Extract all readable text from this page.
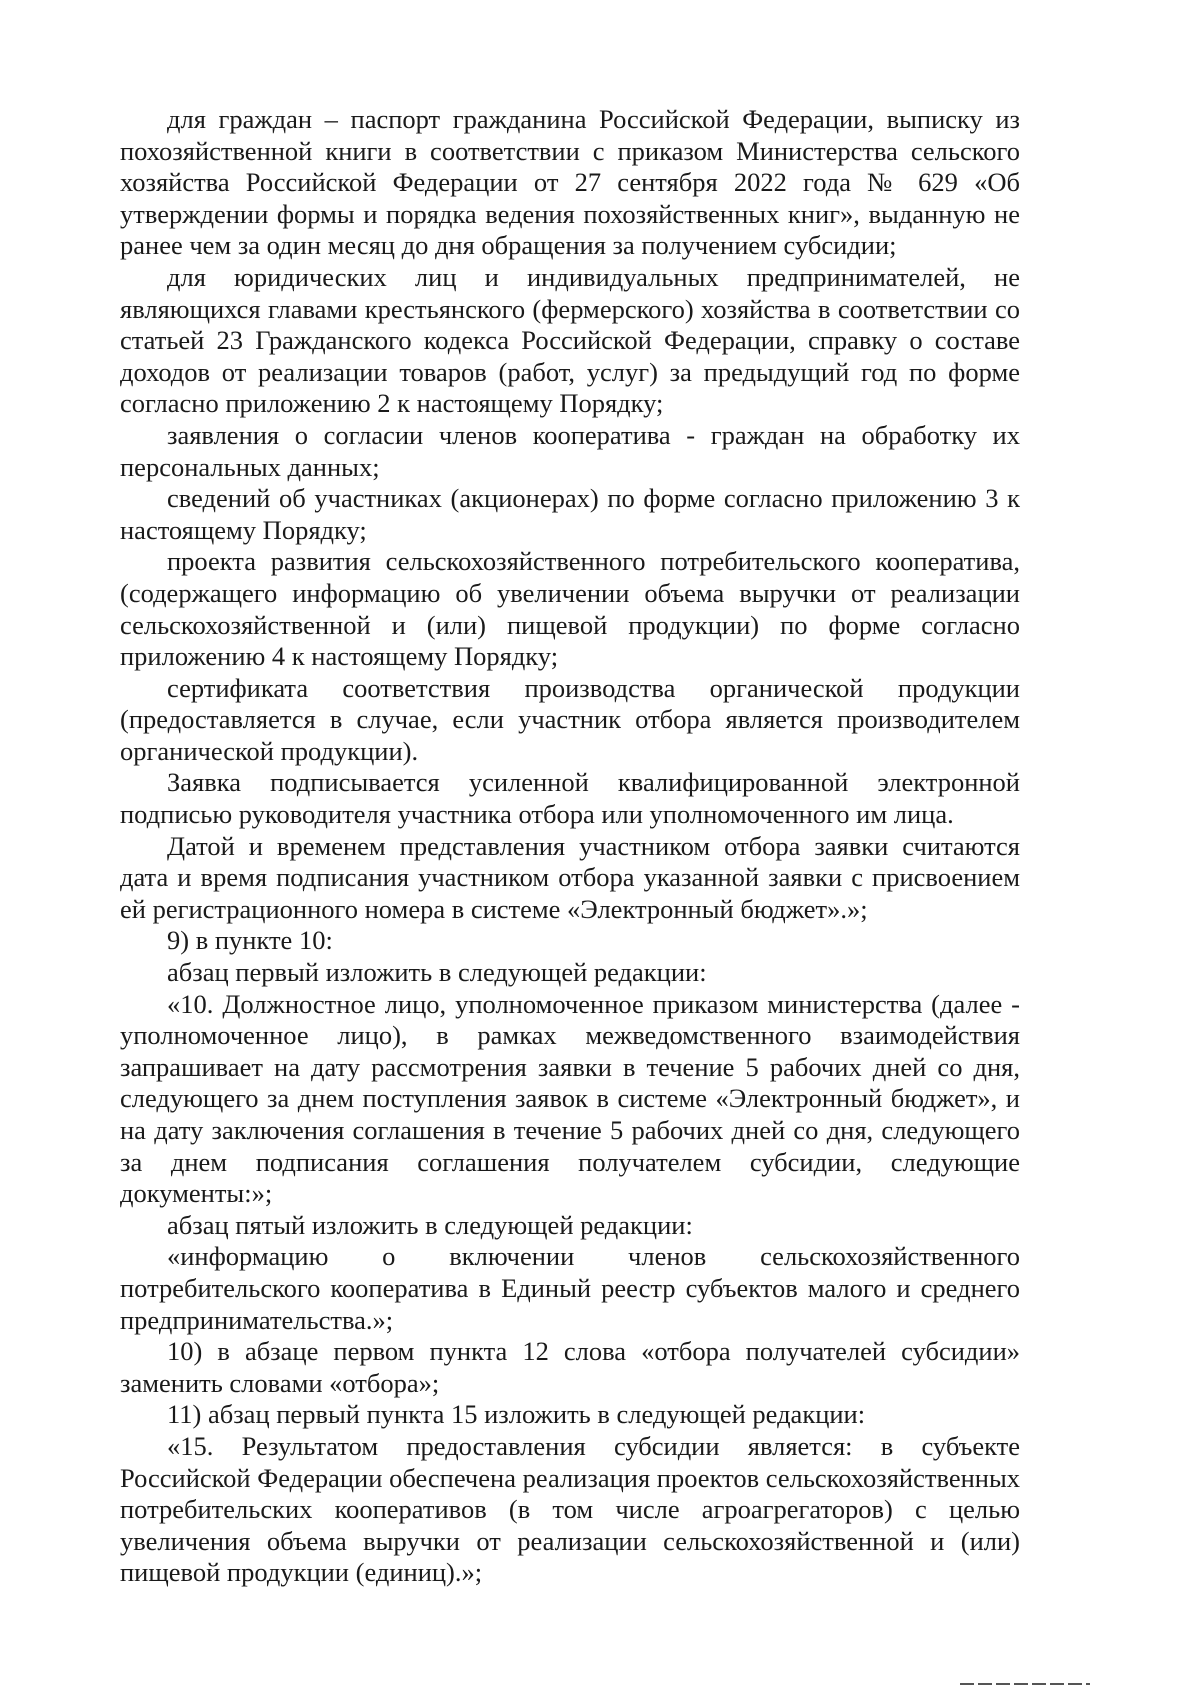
для граждан – паспорт гражданина Российской Федерации, выписку из похозяйственной книги в соответствии с приказом Министерства сельского хозяйства Российской Федерации от 27 сентября 2022 года № 629 «Об утверждении формы и порядка ведения похозяйственных книг», выданную не ранее чем за один месяц до дня обращения за получением субсидии;

для юридических лиц и индивидуальных предпринимателей, не являющихся главами крестьянского (фермерского) хозяйства в соответствии со статьей 23 Гражданского кодекса Российской Федерации, справку о составе доходов от реализации товаров (работ, услуг) за предыдущий год по форме согласно приложению 2 к настоящему Порядку;

заявления о согласии членов кооператива - граждан на обработку их персональных данных;

сведений об участниках (акционерах) по форме согласно приложению 3 к настоящему Порядку;

проекта развития сельскохозяйственного потребительского кооператива, (содержащего информацию об увеличении объема выручки от реализации сельскохозяйственной и (или) пищевой продукции) по форме согласно приложению 4 к настоящему Порядку;

сертификата соответствия производства органической продукции (предоставляется в случае, если участник отбора является производителем органической продукции).

Заявка подписывается усиленной квалифицированной электронной подписью руководителя участника отбора или уполномоченного им лица.

Датой и временем представления участником отбора заявки считаются дата и время подписания участником отбора указанной заявки с присвоением ей регистрационного номера в системе «Электронный бюджет».»;

9) в пункте 10:

абзац первый изложить в следующей редакции:

«10. Должностное лицо, уполномоченное приказом министерства (далее - уполномоченное лицо), в рамках межведомственного взаимодействия запрашивает на дату рассмотрения заявки в течение 5 рабочих дней со дня, следующего за днем поступления заявок в системе «Электронный бюджет», и на дату заключения соглашения в течение 5 рабочих дней со дня, следующего за днем подписания соглашения получателем субсидии, следующие документы:»;

абзац пятый изложить в следующей редакции:

«информацию о включении членов сельскохозяйственного потребительского кооператива в Единый реестр субъектов малого и среднего предпринимательства.»;

10) в абзаце первом пункта 12 слова «отбора получателей субсидии» заменить словами «отбора»;

11) абзац первый пункта 15 изложить в следующей редакции:

«15. Результатом предоставления субсидии является: в субъекте Российской Федерации обеспечена реализация проектов сельскохозяйственных потребительских кооперативов (в том числе агроагрегаторов) с целью увеличения объема выручки от реализации сельскохозяйственной и (или) пищевой продукции (единиц).»;
